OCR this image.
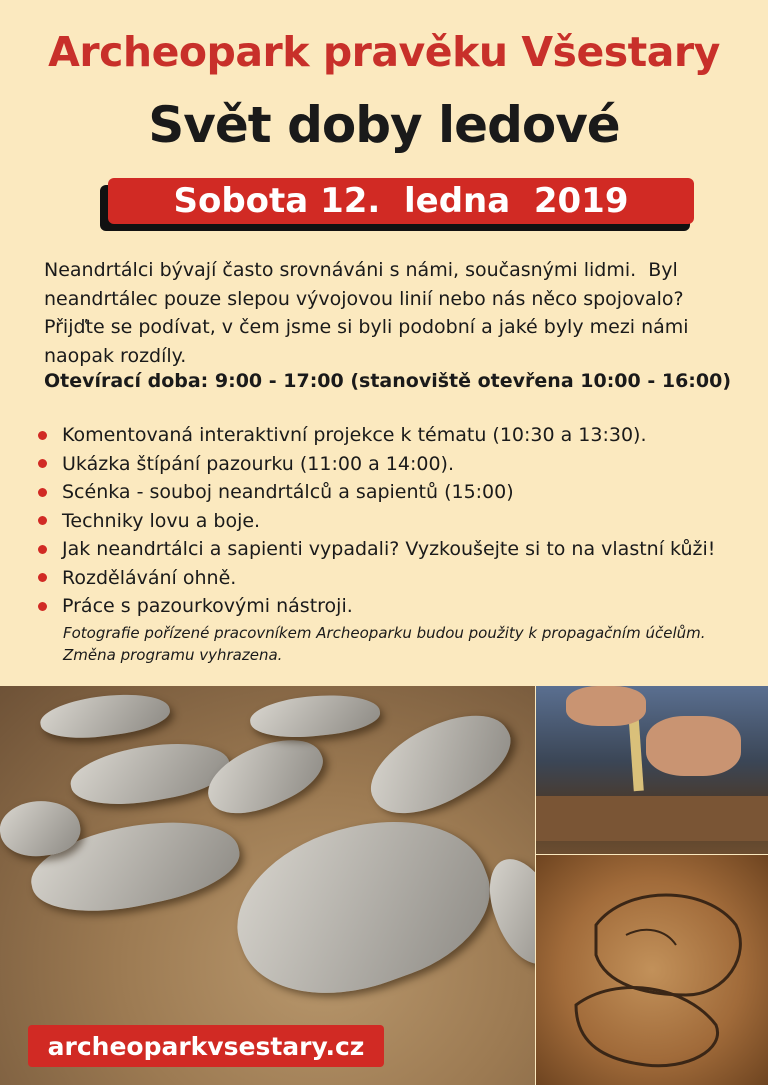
Archeopark pravěku Všestary
Svět doby ledové
Sobota 12.  ledna  2019
Neandrtálci bývají často srovnáváni s námi, současnými lidmi.  Byl
neandrtálec pouze slepou vývojovou linií nebo nás něco spojovalo?
Přijďte se podívat, v čem jsme si byli podobní a jaké byly mezi námi
naopak rozdíly.
Otevírací doba: 9:00 - 17:00 (stanoviště otevřena 10:00 - 16:00)
Komentovaná interaktivní projekce k tématu (10:30 a 13:30).
Ukázka štípání pazourku (11:00 a 14:00).
Scénka - souboj neandrtálců a sapientů (15:00)
Techniky lovu a boje.
Jak neandrtálci a sapienti vypadali? Vyzkoušejte si to na vlastní kůži!
Rozdělávání ohně.
Práce s pazourkovými nástroji.
Fotografie pořízené pracovníkem Archeoparku budou použity k propagačním účelům.
Změna programu vyhrazena.
archeoparkvsestary.cz
